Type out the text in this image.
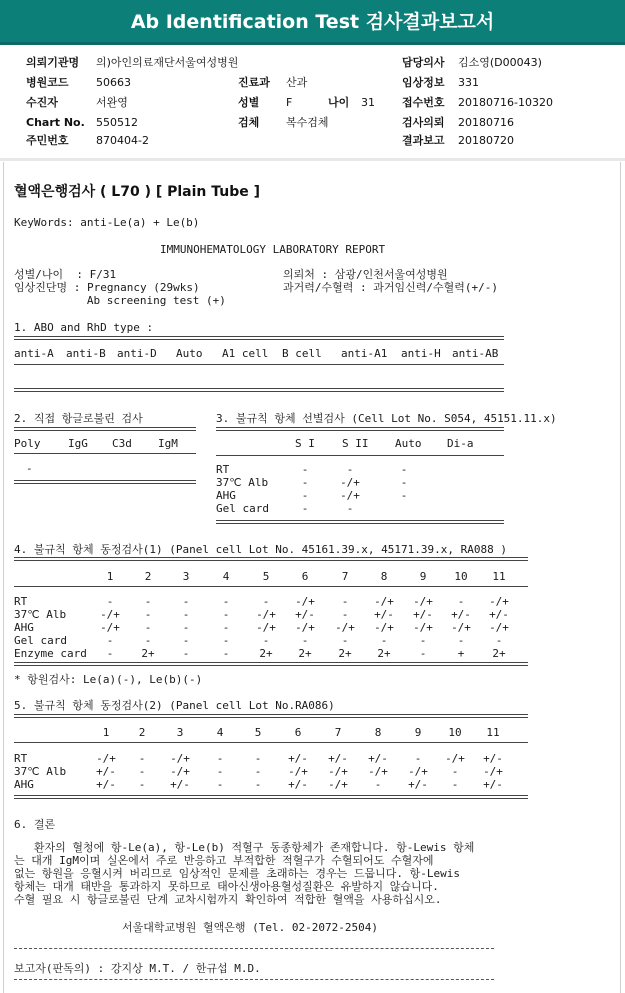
Ab Identification Test 검사결과보고서
의뢰기관명 의)아인의료재단서울여성병원
병원코드 50663
수진자	서완영
Chart No. 550512
주민번호 870404-2
진료과 산과
성별 F	나이 31
검체 복수검체
담당의사 김소영(D00043)
임상정보 331
접수번호 20180716-10320
검사의뢰 20180716
결과보고 20180720
혈액은행검사 ( L70 ) [ Plain Tube ]
KeyWords: anti-Le(a) + Le(b)
IMMUNOHEMATOLOGY LABORATORY REPORT
성별/나이  : F/31
임상진단명 : Pregnancy (29wks)
Ab screening test (+)
의뢰처 : 삼광/인천서울여성병원
과거력/수혈력 : 과거임신력/수혈력(+/-)
1. ABO and RhD type :
anti-A anti-B anti-D Auto A1 cell B cell anti-A1 anti-H anti-AB
2. 직접 항글로불린 검사
Poly	IgG C3d IgM
-
3. 불규칙 항체 선별검사 (Cell Lot No. S054, 45151.11.x)
S I S II Auto Di-a
RT	-	-	-
37℃ Alb	-	-/+	-
AHG	-	-/+	-
Gel card	-	-
4. 불규칙 항체 동정검사(1) (Panel cell Lot No. 45161.39.x, 45171.39.x, RA088 )
1	2	3	4	5	6	7	8	9	10 11
RT	-	-	-	-	- -/+ - -/+ -/+ - -/+
37℃ Alb	-/+ -	-	- -/+ +/- - +/- +/- +/- +/-
AHG	-/+ -	-	- -/+ -/+ -/+ -/+ -/+ -/+ -/+
Gel card	-	-	-	-	-	-	-	-	-	-	-
Enzyme card -	2+	-	-	2+ 2+ 2+ 2+	-	+	2+
* 항원검사: Le(a)(-), Le(b)(-)
5. 불규칙 항체 동정검사(2) (Panel cell Lot No.RA086)
1	2	3	4	5	6	7	8	9 10 11
RT	-/+ - -/+ -	- +/- +/- +/- - -/+ +/-
37℃ Alb	+/- - -/+ -	- -/+ -/+ -/+ -/+ - -/+
AHG	+/- - +/- -	- +/- -/+ - +/- - +/-
6. 결론
환자의 혈청에 항-Le(a), 항-Le(b) 적혈구 동종항체가 존재합니다. 항-Lewis 항체
는 대개 IgM이며 실온에서 주로 반응하고 부적합한 적혈구가 수혈되어도 수혈자에
없는 항원을 응혈시켜 버리므로 임상적인 문제를 초래하는 경우는 드뭅니다. 항-Lewis
항체는 대개 태반을 통과하지 못하므로 태아신생아용혈성질환은 유발하지 않습니다.
수혈 필요 시 항글로불린 단계 교차시험까지 확인하여 적합한 혈액을 사용하십시오.
서울대학교병원 혈액은행 (Tel. 02-2072-2504)
보고자(판독의) : 강지상 M.T. / 한규섭 M.D.
